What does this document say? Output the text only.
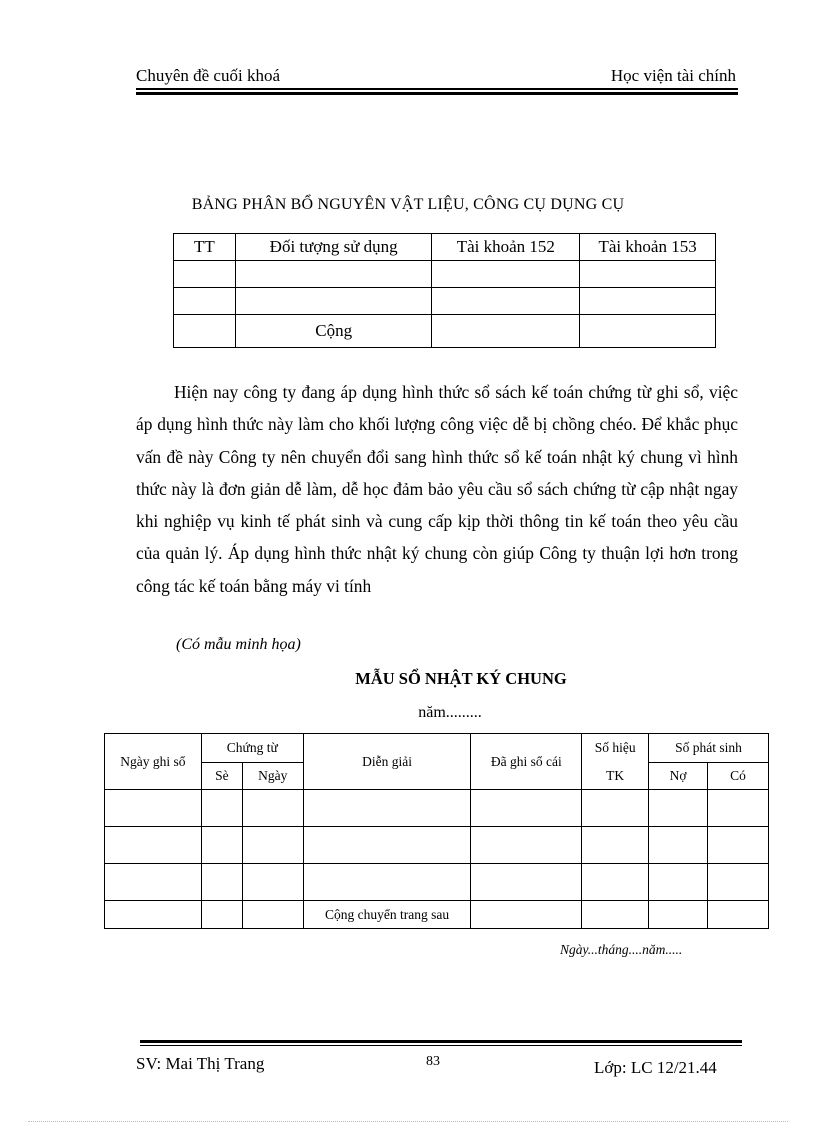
Chuyên đề cuối khoá	Học viện tài chính
BẢNG PHÂN BỔ NGUYÊN VẬT LIỆU, CÔNG CỤ DỤNG CỤ
TT	Đối tượng sử dụng	Tài khoản 152	Tài khoản 153

	Cộng		
Hiện nay công ty đang áp dụng hình thức sổ sách kế toán chứng từ ghi sổ, việc áp dụng hình thức này làm cho khối lượng công việc dễ bị chồng chéo. Để khắc phục vấn đề này Công ty nên chuyển đổi sang hình thức sổ kế toán nhật ký chung vì hình thức này là đơn giản dễ làm, dễ học đảm bảo yêu cầu sổ sách chứng từ cập nhật ngay khi nghiệp vụ kinh tế phát sinh và cung cấp kịp thời thông tin kế toán theo yêu cầu của quản lý. Áp dụng hình thức nhật ký chung còn giúp Công ty thuận lợi hơn trong công tác kế toán bằng máy vi tính
(Có mẫu minh họa)
MẪU SỔ NHẬT KÝ CHUNG
năm.........
Ngày ghi sổ	Chứng từ		Diễn giải	Đã ghi sổ cái	Số hiệu	Số phát sinh	
	Sè	Ngày			TK	Nợ	Có

			Cộng chuyển trang sau				
Ngày...tháng....năm.....
SV: Mai Thị Trang	83	Lớp: LC 12/21.44
